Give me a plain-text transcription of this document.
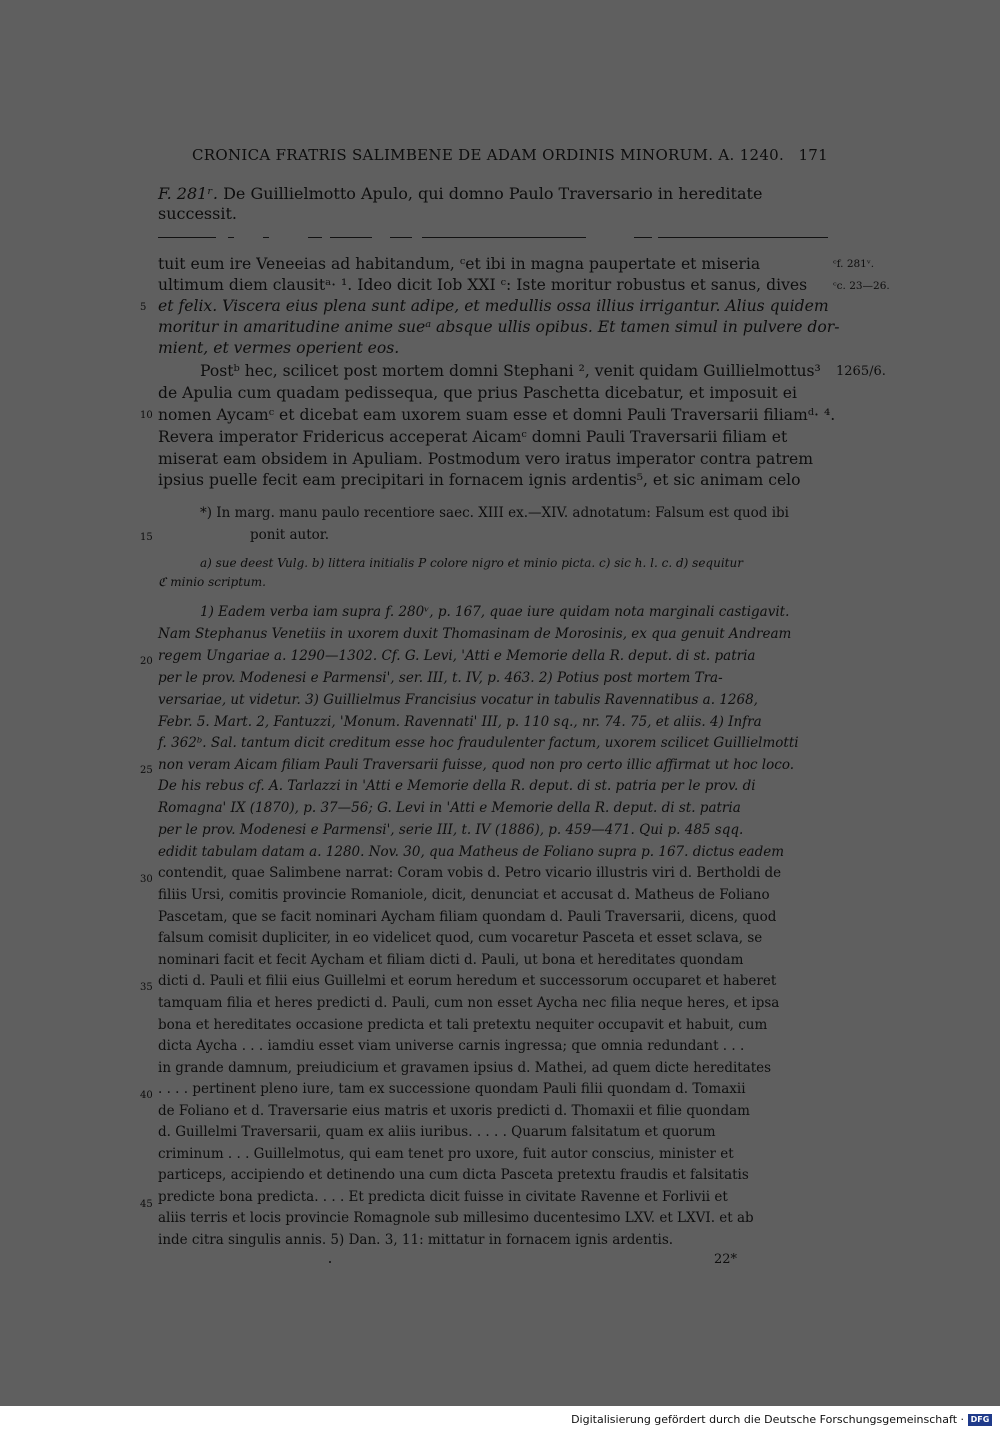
CRONICA FRATRIS SALIMBENE DE ADAM ORDINIS MINORUM. A. 1240. 171
F. 281ʳ. De Guillielmotto Apulo, qui domno Paulo Traversario in hereditate successit.
tuit eum ire Veneeias ad habitandum, ᶜet ibi in magna paupertate et miseria
ultimum diem clausitᵃ· ¹. Ideo dicit Iob XXI ᶜ: Iste moritur robustus et sanus, dives
et felix. Viscera eius plena sunt adipe, et medullis ossa illius irrigantur. Alius quidem
moritur in amaritudine anime sueᵃ absque ullis opibus. Et tamen simul in pulvere dor-
mient, et vermes operient eos.
Postᵇ hec, scilicet post mortem domni Stephani ², venit quidam Guillielmottus³
de Apulia cum quadam pedissequa, que prius Paschetta dicebatur, et imposuit ei
nomen Aycamᶜ et dicebat eam uxorem suam esse et domni Pauli Traversarii filiamᵈ· ⁴.
Revera imperator Fridericus acceperat Aicamᶜ domni Pauli Traversarii filiam et
miserat eam obsidem in Apuliam. Postmodum vero iratus imperator contra patrem
ipsius puelle fecit eam precipitari in fornacem ignis ardentis⁵, et sic animam celo
ᶜf. 281ᵛ.
ᶜc. 23—26.
1265/6.
5
10
15
20
25
30
35
40
45
*) In marg. manu paulo recentiore saec. XIII ex.—XIV. adnotatum: Falsum est quod ibi
ponit autor.
a) sue deest Vulg. b) littera initialis P colore nigro et minio picta. c) sic h. l. c. d) sequitur
ℭ minio scriptum.
1) Eadem verba iam supra f. 280ᵛ, p. 167, quae iure quidam nota marginali castigavit.
Nam Stephanus Venetiis in uxorem duxit Thomasinam de Morosinis, ex qua genuit Andream
regem Ungariae a. 1290—1302. Cf. G. Levi, 'Atti e Memorie della R. deput. di st. patria
per le prov. Modenesi e Parmensi', ser. III, t. IV, p. 463. 2) Potius post mortem Tra-
versariae, ut videtur. 3) Guillielmus Francisius vocatur in tabulis Ravennatibus a. 1268,
Febr. 5. Mart. 2, Fantuzzi, 'Monum. Ravennati' III, p. 110 sq., nr. 74. 75, et aliis. 4) Infra
f. 362ᵇ. Sal. tantum dicit creditum esse hoc fraudulenter factum, uxorem scilicet Guillielmotti
non veram Aicam filiam Pauli Traversarii fuisse, quod non pro certo illic affirmat ut hoc loco.
De his rebus cf. A. Tarlazzi in 'Atti e Memorie della R. deput. di st. patria per le prov. di
Romagna' IX (1870), p. 37—56; G. Levi in 'Atti e Memorie della R. deput. di st. patria
per le prov. Modenesi e Parmensi', serie III, t. IV (1886), p. 459—471. Qui p. 485 sqq.
edidit tabulam datam a. 1280. Nov. 30, qua Matheus de Foliano supra p. 167. dictus eadem
contendit, quae Salimbene narrat: Coram vobis d. Petro vicario illustris viri d. Bertholdi de
filiis Ursi, comitis provincie Romaniole, dicit, denunciat et accusat d. Matheus de Foliano
Pascetam, que se facit nominari Aycham filiam quondam d. Pauli Traversarii, dicens, quod
falsum comisit dupliciter, in eo videlicet quod, cum vocaretur Pasceta et esset sclava, se
nominari facit et fecit Aycham et filiam dicti d. Pauli, ut bona et hereditates quondam
dicti d. Pauli et filii eius Guillelmi et eorum heredum et successorum occuparet et haberet
tamquam filia et heres predicti d. Pauli, cum non esset Aycha nec filia neque heres, et ipsa
bona et hereditates occasione predicta et tali pretextu nequiter occupavit et habuit, cum
dicta Aycha . . . iamdiu esset viam universe carnis ingressa; que omnia redundant . . .
in grande damnum, preiudicium et gravamen ipsius d. Mathei, ad quem dicte hereditates
. . . . pertinent pleno iure, tam ex successione quondam Pauli filii quondam d. Tomaxii
de Foliano et d. Traversarie eius matris et uxoris predicti d. Thomaxii et filie quondam
d. Guillelmi Traversarii, quam ex aliis iuribus. . . . . Quarum falsitatum et quorum
criminum . . . Guillelmotus, qui eam tenet pro uxore, fuit autor conscius, minister et
particeps, accipiendo et detinendo una cum dicta Pasceta pretextu fraudis et falsitatis
predicte bona predicta. . . . Et predicta dicit fuisse in civitate Ravenne et Forlivii et
aliis terris et locis provincie Romagnole sub millesimo ducentesimo LXV. et LXVI. et ab
inde citra singulis annis. 5) Dan. 3, 11: mittatur in fornacem ignis ardentis.
22*
Digitalisierung gefördert durch die Deutsche Forschungsgemeinschaft · DFG
